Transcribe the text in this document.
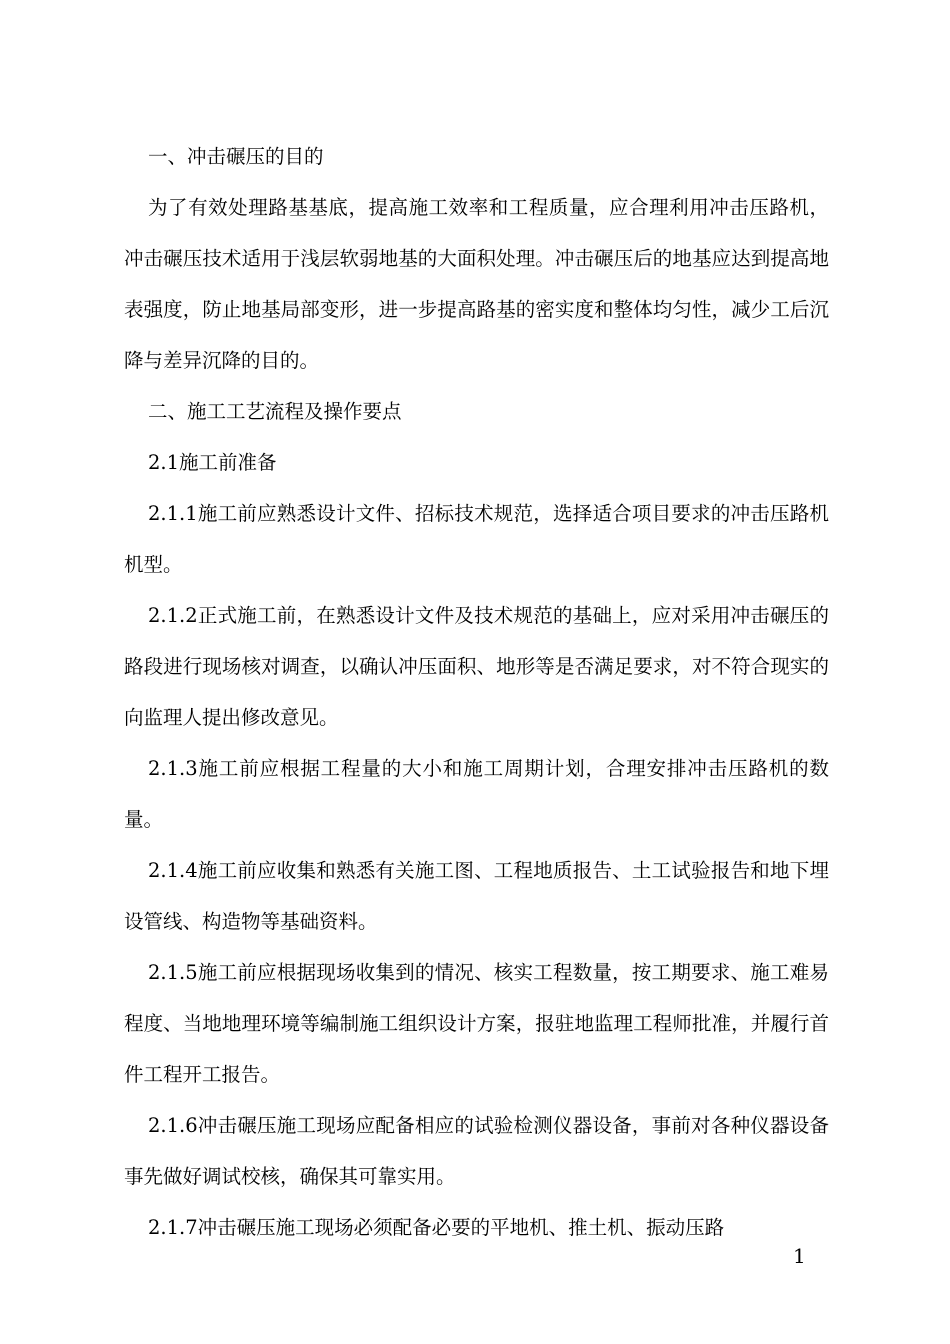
一、冲击碾压的目的

为了有效处理路基基底，提高施工效率和工程质量，应合理利用冲击压路机，冲击碾压技术适用于浅层软弱地基的大面积处理。冲击碾压后的地基应达到提高地表强度，防止地基局部变形，进一步提高路基的密实度和整体均匀性，减少工后沉降与差异沉降的目的。

二、施工工艺流程及操作要点

2.1施工前准备

2.1.1施工前应熟悉设计文件、招标技术规范，选择适合项目要求的冲击压路机机型。

2.1.2正式施工前，在熟悉设计文件及技术规范的基础上，应对采用冲击碾压的路段进行现场核对调查，以确认冲压面积、地形等是否满足要求，对不符合现实的向监理人提出修改意见。

2.1.3施工前应根据工程量的大小和施工周期计划，合理安排冲击压路机的数量。

2.1.4施工前应收集和熟悉有关施工图、工程地质报告、土工试验报告和地下埋设管线、构造物等基础资料。

2.1.5施工前应根据现场收集到的情况、核实工程数量，按工期要求、施工难易程度、当地地理环境等编制施工组织设计方案，报驻地监理工程师批准，并履行首件工程开工报告。

2.1.6冲击碾压施工现场应配备相应的试验检测仪器设备，事前对各种仪器设备事先做好调试校核，确保其可靠实用。

2.1.7冲击碾压施工现场必须配备必要的平地机、推土机、振动压路

1
